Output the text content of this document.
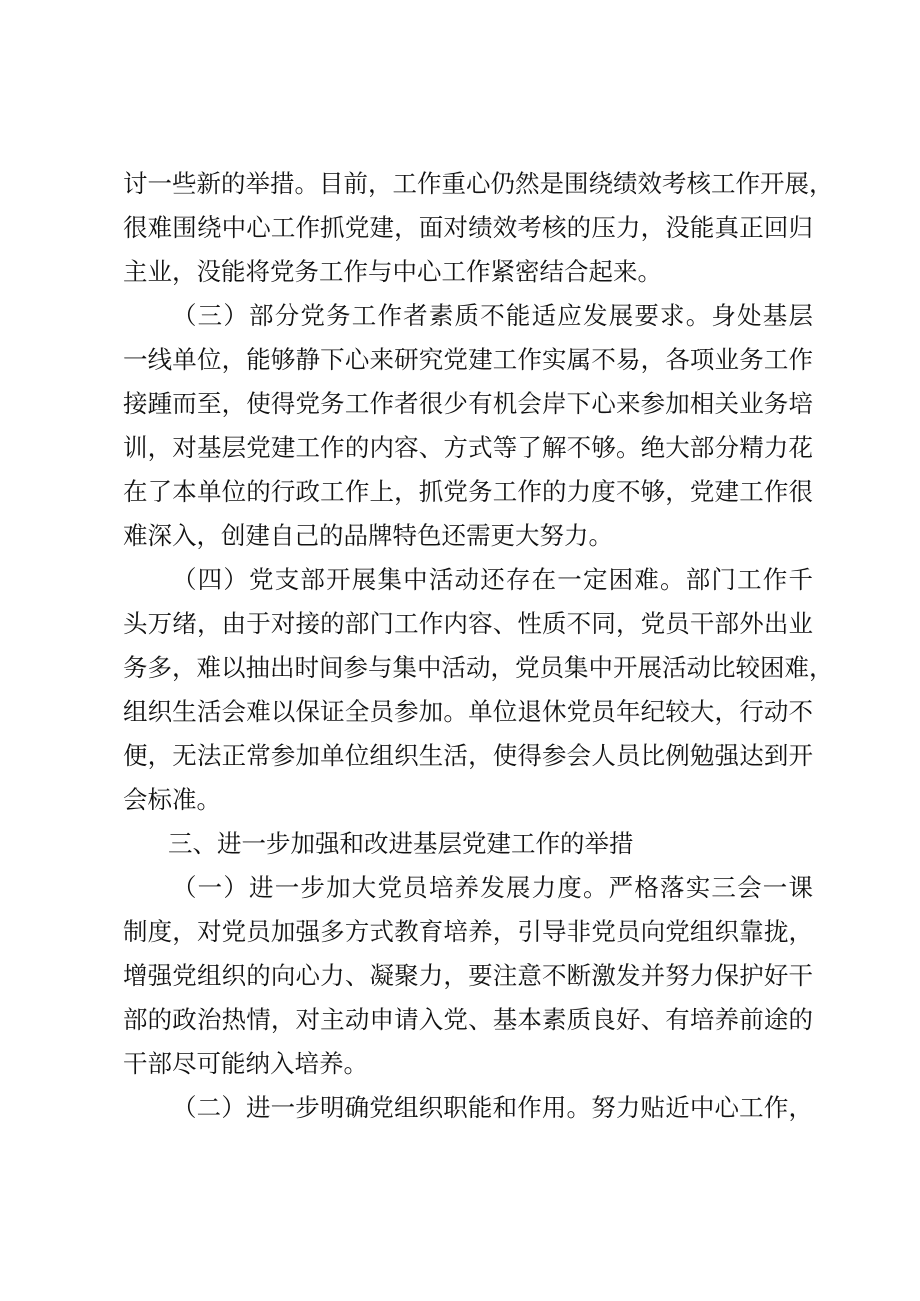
讨一些新的举措。目前，工作重心仍然是围绕绩效考核工作开展，
很难围绕中心工作抓党建，面对绩效考核的压力，没能真正回归
主业，没能将党务工作与中心工作紧密结合起来。
（三）部分党务工作者素质不能适应发展要求。身处基层
一线单位，能够静下心来研究党建工作实属不易，各项业务工作
接踵而至，使得党务工作者很少有机会岸下心来参加相关业务培
训，对基层党建工作的内容、方式等了解不够。绝大部分精力花
在了本单位的行政工作上，抓党务工作的力度不够，党建工作很
难深入，创建自己的品牌特色还需更大努力。
（四）党支部开展集中活动还存在一定困难。部门工作千
头万绪，由于对接的部门工作内容、性质不同，党员干部外出业
务多，难以抽出时间参与集中活动，党员集中开展活动比较困难，
组织生活会难以保证全员参加。单位退休党员年纪较大，行动不
便，无法正常参加单位组织生活，使得参会人员比例勉强达到开
会标准。
三、进一步加强和改进基层党建工作的举措
（一）进一步加大党员培养发展力度。严格落实三会一课
制度，对党员加强多方式教育培养，引导非党员向党组织靠拢，
增强党组织的向心力、凝聚力，要注意不断激发并努力保护好干
部的政治热情，对主动申请入党、基本素质良好、有培养前途的
干部尽可能纳入培养。
（二）进一步明确党组织职能和作用。努力贴近中心工作，
